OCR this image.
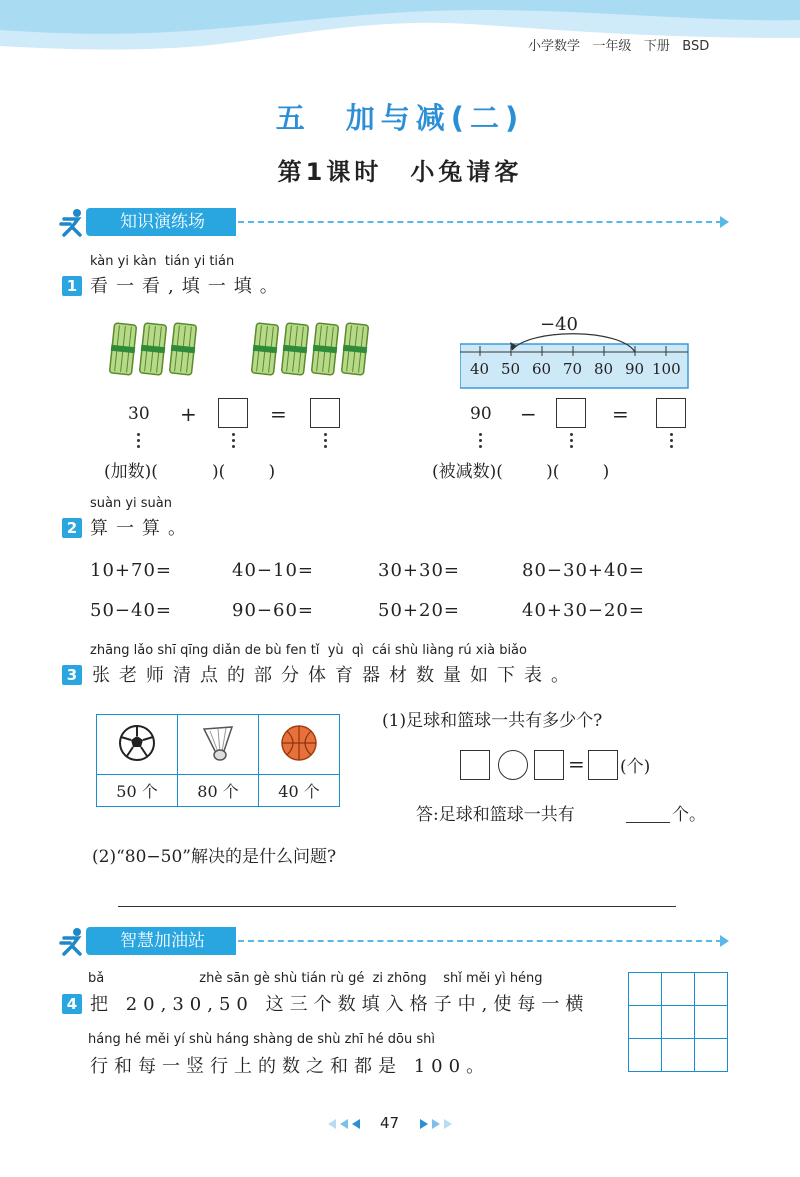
小学数学 一年级 下册 BSD
五　加与减(二)
第1课时　小兔请客
知识演练场
kàn yi kàn  tián yi tián
1 看一看,填一填。
−40
40 50 60 70 80 90 100
30 +	=
(加数)(	)(	)
90 −	=
(被减数)(	)(	)
suàn yi suàn
2 算一算。
10+70=	40−10=	30+30=	80−30+40=
50−40=	90−60=	50+20=	40+30−20=
zhāng lǎo shī qīng diǎn de bù fen tǐ  yù  qì  cái shù liàng rú xià biǎo
3 张老师清点的部分体育器材数量如下表。

50 个	80 个	40 个
(1)足球和篮球一共有多少个?
= (个)
答:足球和篮球一共有	个。
(2)“80−50”解决的是什么问题?
智慧加油站
bǎ                       zhè sān gè shù tián rù gé  zi zhōng    shǐ měi yì héng
4 把 20,30,50 这三个数填入格子中,使每一横
háng hé měi yí shù háng shàng de shù zhī hé dōu shì
行和每一竖行上的数之和都是 100。

47
